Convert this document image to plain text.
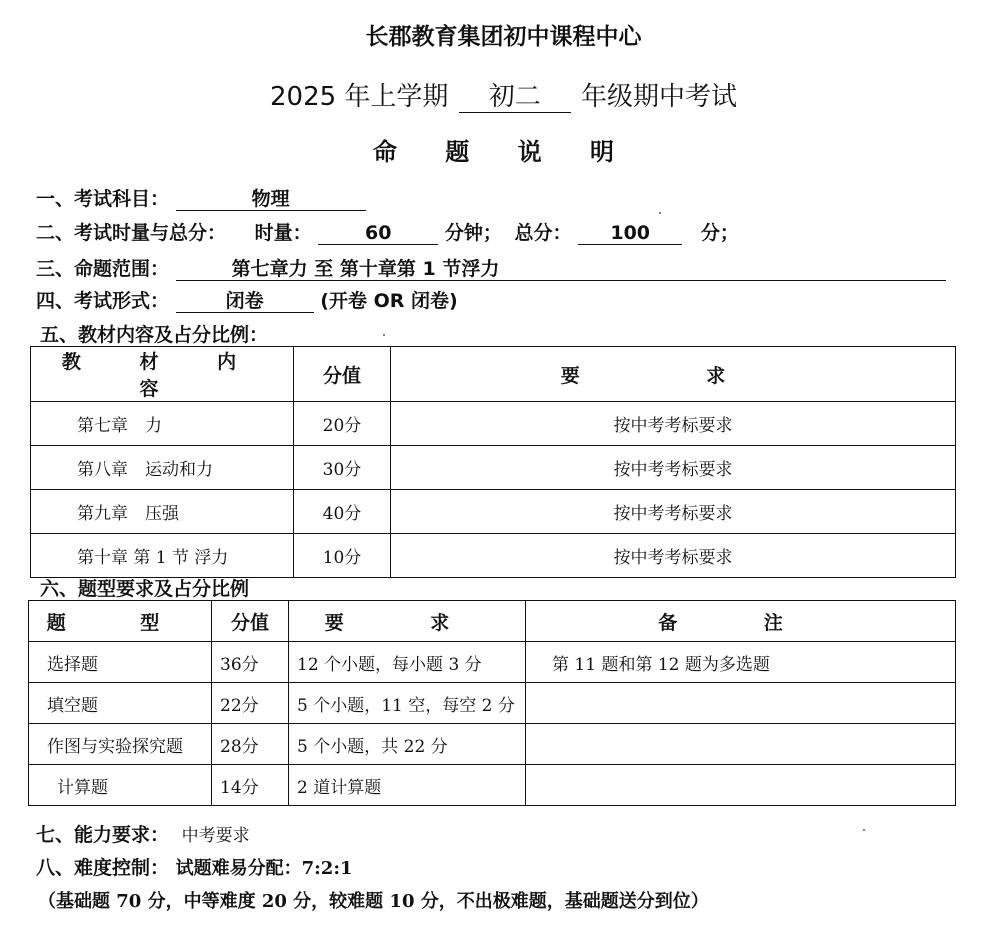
长郡教育集团初中课程中心
2025 年上学期 初二 年级期中考试
命 题 说 明
一、考试科目：	物理
二、考试时量与总分： 时量：	60	分钟； 总分： 100	分；
三、命题范围：	第七章力 至 第十章第 1 节浮力
四、考试形式：	闭卷	(开卷 OR 闭卷)
五、教材内容及占分比例：
教 材 内 容	分值	要 求
第七章　力	20分	按中考考标要求
第八章　运动和力	30分	按中考考标要求
第九章　压强	40分	按中考考标要求
第十章 第 1 节 浮力	10分	按中考考标要求
六、题型要求及占分比例
题 型	分值	要 求	备 注
选择题	36分	12 个小题，每小题 3 分	第 11 题和第 12 题为多选题
填空题	22分	5 个小题，11 空，每空 2 分	
作图与实验探究题	28分	5 个小题，共 22 分	
计算题	14分	2 道计算题	
七、能力要求： 中考要求
八、难度控制： 试题难易分配：7:2:1
（基础题 70 分，中等难度 20 分，较难题 10 分，不出极难题，基础题送分到位）
